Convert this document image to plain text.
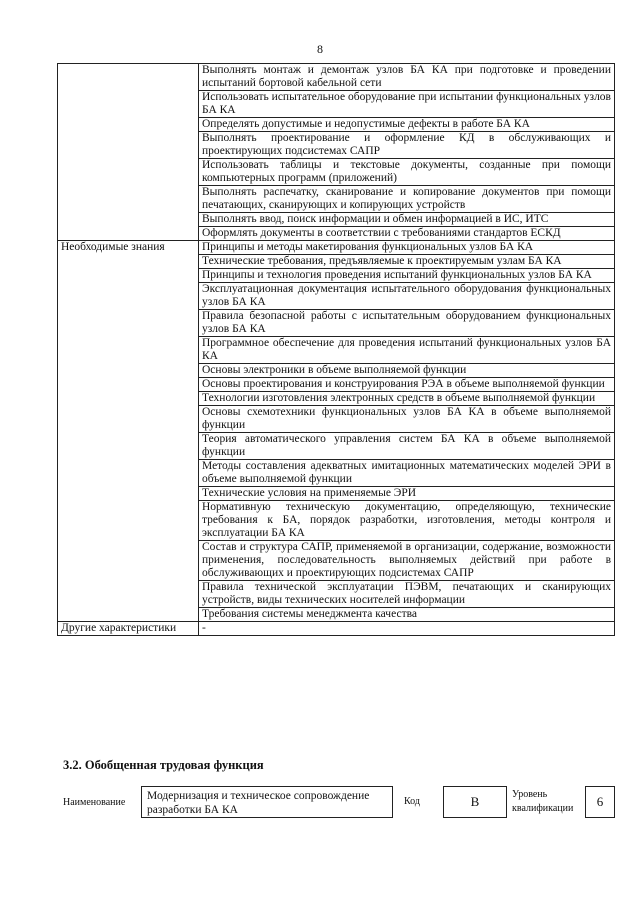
8
	Выполнять монтаж и демонтаж узлов БА КА при подготовке и проведении испытаний бортовой кабельной сети
	Использовать испытательное оборудование при испытании функциональных узлов БА КА
	Определять допустимые и недопустимые дефекты в работе БА КА
	Выполнять проектирование и оформление КД в обслуживающих и проектирующих подсистемах САПР
	Использовать таблицы и текстовые документы, созданные при помощи компьютерных программ (приложений)
	Выполнять распечатку, сканирование и копирование документов при помощи печатающих, сканирующих и копирующих устройств
	Выполнять ввод, поиск информации и обмен информацией в ИС, ИТС
	Оформлять документы в соответствии с требованиями стандартов ЕСКД
Необходимые знания	Принципы и методы макетирования функциональных узлов БА КА
	Технические требования, предъявляемые к проектируемым узлам БА КА
	Принципы и технология проведения испытаний функциональных узлов БА КА
	Эксплуатационная документация испытательного оборудования функциональных узлов БА КА
	Правила безопасной работы с испытательным оборудованием функциональных узлов БА КА
	Программное обеспечение для проведения испытаний функциональных узлов БА КА
	Основы электроники в объеме выполняемой функции
	Основы проектирования и конструирования РЭА в объеме выполняемой функции
	Технологии изготовления электронных средств в объеме выполняемой функции
	Основы схемотехники функциональных узлов БА КА в объеме выполняемой функции
	Теория автоматического управления систем БА КА в объеме выполняемой функции
	Методы составления адекватных имитационных математических моделей ЭРИ в объеме выполняемой функции
	Технические условия на применяемые ЭРИ
	Нормативную техническую документацию, определяющую, технические требования к БА, порядок разработки, изготовления, методы контроля и эксплуатации БА КА
	Состав и структура САПР, применяемой в организации, содержание, возможности применения, последовательность выполняемых действий при работе в обслуживающих и проектирующих подсистемах САПР
	Правила технической эксплуатации ПЭВМ, печатающих и сканирующих устройств, виды технических носителей информации
	Требования системы менеджмента качества
Другие характеристики	-
3.2. Обобщенная трудовая функция
Наименование
Модернизация и техническое сопровождение разработки БА КА
Код	В	Уровень квалификации	6
